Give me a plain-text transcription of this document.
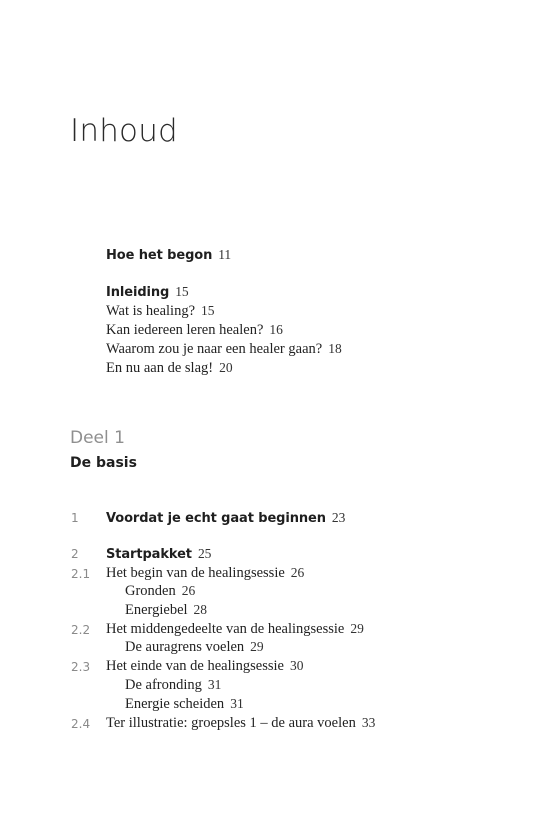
Inhoud
Hoe het begon 11
Inleiding 15
Wat is healing? 15
Kan iedereen leren healen? 16
Waarom zou je naar een healer gaan? 18
En nu aan de slag! 20
Deel 1
De basis
1 Voordat je echt gaat beginnen 23
2 Startpakket 25
2.1 Het begin van de healingsessie 26
Gronden 26
Energiebel 28
2.2 Het middengedeelte van de healingsessie 29
De auragrens voelen 29
2.3 Het einde van de healingsessie 30
De afronding 31
Energie scheiden 31
2.4 Ter illustratie: groepsles 1 – de aura voelen 33
